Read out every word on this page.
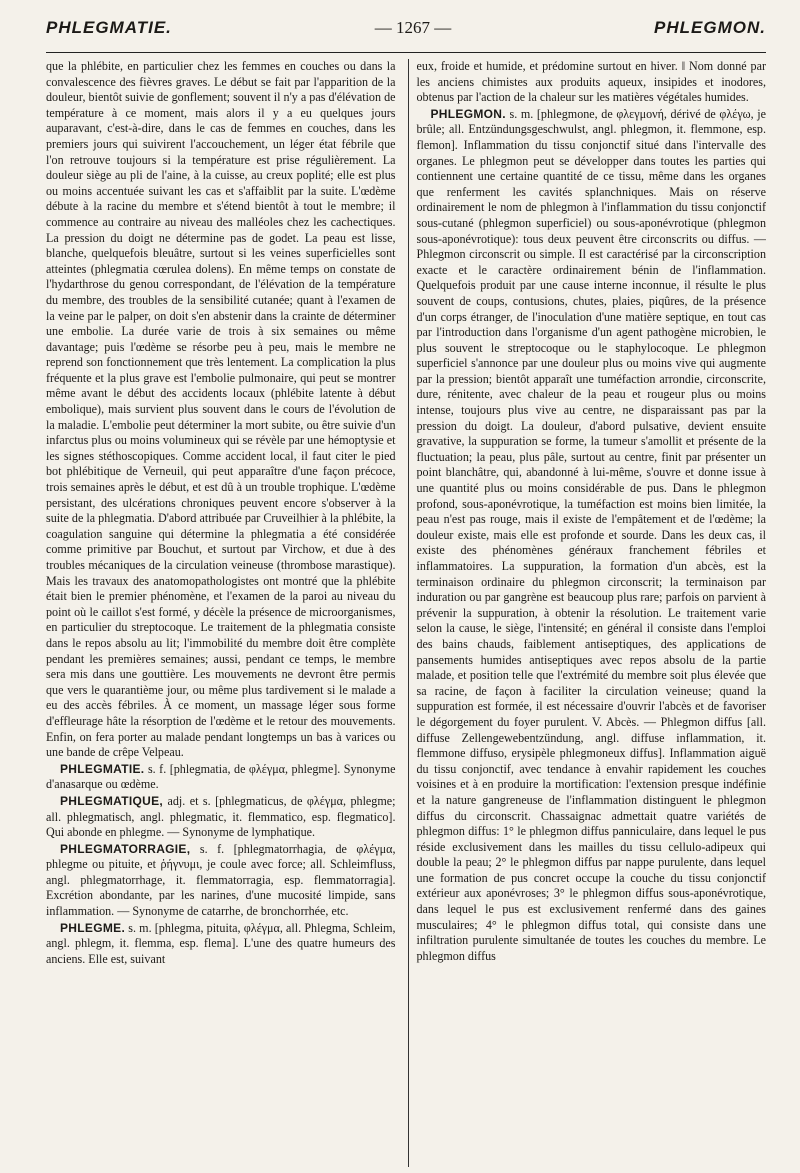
PHLEGMATIE.	— 1267 —	PHLEGMON.

que la phlébite, en particulier chez les femmes en couches ou dans la convalescence des fièvres graves. Le début se fait par l'apparition de la douleur, bientôt suivie de gonflement; souvent il n'y a pas d'élévation de température à ce moment, mais alors il y a eu quelques jours auparavant, c'est-à-dire, dans le cas de femmes en couches, dans les premiers jours qui suivirent l'accouchement, un léger état fébrile que l'on retrouve toujours si la température est prise régulièrement. La douleur siège au pli de l'aine, à la cuisse, au creux poplité; elle est plus ou moins accentuée suivant les cas et s'affaiblit par la suite. L'œdème débute à la racine du membre et s'étend bientôt à tout le membre; il commence au contraire au niveau des malléoles chez les cachectiques. La pression du doigt ne détermine pas de godet. La peau est lisse, blanche, quelquefois bleuâtre, surtout si les veines superficielles sont atteintes (phlegmatia cœrulea dolens). En même temps on constate de l'hydarthrose du genou correspondant, de l'élévation de la température du membre, des troubles de la sensibilité cutanée; quant à l'examen de la veine par le palper, on doit s'en abstenir dans la crainte de déterminer une embolie. La durée varie de trois à six semaines ou même davantage; puis l'œdème se résorbe peu à peu, mais le membre ne reprend son fonctionnement que très lentement. La complication la plus fréquente et la plus grave est l'embolie pulmonaire, qui peut se montrer même avant le début des accidents locaux (phlébite latente à début embolique), mais survient plus souvent dans le cours de l'évolution de la maladie. L'embolie peut déterminer la mort subite, ou être suivie d'un infarctus plus ou moins volumineux qui se révèle par une hémoptysie et les signes stéthoscopiques. Comme accident local, il faut citer le pied bot phlébitique de Verneuil, qui peut apparaître d'une façon précoce, trois semaines après le début, et est dû à un trouble trophique. L'œdème persistant, des ulcérations chroniques peuvent encore s'observer à la suite de la phlegmatia. D'abord attribuée par Cruveilhier à la phlébite, la coagulation sanguine qui détermine la phlegmatia a été considérée comme primitive par Bouchut, et surtout par Virchow, et due à des troubles mécaniques de la circulation veineuse (thrombose marastique). Mais les travaux des anatomopathologistes ont montré que la phlébite était bien le premier phénomène, et l'examen de la paroi au niveau du point où le caillot s'est formé, y décèle la présence de microorganismes, en particulier du streptocoque. Le traitement de la phlegmatia consiste dans le repos absolu au lit; l'immobilité du membre doit être complète pendant les premières semaines; aussi, pendant ce temps, le membre sera mis dans une gouttière. Les mouvements ne devront être permis que vers le quarantième jour, ou même plus tardivement si le malade a eu des accès fébriles. À ce moment, un massage léger sous forme d'effleurage hâte la résorption de l'œdème et le retour des mouvements. Enfin, on fera porter au malade pendant longtemps un bas à varices ou une bande de crêpe Velpeau.

PHLEGMATIE. s. f. [phlegmatia, de φλέγμα, phlegme]. Synonyme d'anasarque ou œdème.

PHLEGMATIQUE, adj. et s. [phlegmaticus, de φλέγμα, phlegme; all. phlegmatisch, angl. phlegmatic, it. flemmatico, esp. flegmatico]. Qui abonde en phlegme. — Synonyme de lymphatique.

PHLEGMATORRAGIE, s. f. [phlegmatorrhagia, de φλέγμα, phlegme ou pituite, et ῥήγνυμι, je coule avec force; all. Schleimfluss, angl. phlegmatorrhage, it. flemmatorragia, esp. flemmatorragia]. Excrétion abondante, par les narines, d'une mucosité limpide, sans inflammation. — Synonyme de catarrhe, de bronchorrhée, etc.

PHLEGME. s. m. [phlegma, pituita, φλέγμα, all. Phlegma, Schleim, angl. phlegm, it. flemma, esp. flema]. L'une des quatre humeurs des anciens. Elle est, suivant

eux, froide et humide, et prédomine surtout en hiver. ‖ Nom donné par les anciens chimistes aux produits aqueux, insipides et inodores, obtenus par l'action de la chaleur sur les matières végétales humides.

PHLEGMON. s. m. [phlegmone, de φλεγμονή, dérivé de φλέγω, je brûle; all. Entzündungsgeschwulst, angl. phlegmon, it. flemmone, esp. flemon]. Inflammation du tissu conjonctif situé dans l'intervalle des organes. Le phlegmon peut se développer dans toutes les parties qui contiennent une certaine quantité de ce tissu, même dans les organes que renferment les cavités splanchniques. Mais on réserve ordinairement le nom de phlegmon à l'inflammation du tissu conjonctif sous-cutané (phlegmon superficiel) ou sous-aponévrotique (phlegmon sous-aponévrotique): tous deux peuvent être circonscrits ou diffus. — Phlegmon circonscrit ou simple. Il est caractérisé par la circonscription exacte et le caractère ordinairement bénin de l'inflammation. Quelquefois produit par une cause interne inconnue, il résulte le plus souvent de coups, contusions, chutes, plaies, piqûres, de la présence d'un corps étranger, de l'inoculation d'une matière septique, en tout cas par l'introduction dans l'organisme d'un agent pathogène microbien, le plus souvent le streptocoque ou le staphylocoque. Le phlegmon superficiel s'annonce par une douleur plus ou moins vive qui augmente par la pression; bientôt apparaît une tuméfaction arrondie, circonscrite, dure, rénitente, avec chaleur de la peau et rougeur plus ou moins intense, toujours plus vive au centre, ne disparaissant pas par la pression du doigt. La douleur, d'abord pulsative, devient ensuite gravative, la suppuration se forme, la tumeur s'amollit et présente de la fluctuation; la peau, plus pâle, surtout au centre, finit par présenter un point blanchâtre, qui, abandonné à lui-même, s'ouvre et donne issue à une quantité plus ou moins considérable de pus. Dans le phlegmon profond, sous-aponévrotique, la tuméfaction est moins bien limitée, la peau n'est pas rouge, mais il existe de l'empâtement et de l'œdème; la douleur existe, mais elle est profonde et sourde. Dans les deux cas, il existe des phénomènes généraux franchement fébriles et inflammatoires. La suppuration, la formation d'un abcès, est la terminaison ordinaire du phlegmon circonscrit; la terminaison par induration ou par gangrène est beaucoup plus rare; parfois on parvient à prévenir la suppuration, à obtenir la résolution. Le traitement varie selon la cause, le siège, l'intensité; en général il consiste dans l'emploi des bains chauds, faiblement antiseptiques, des applications de pansements humides antiseptiques avec repos absolu de la partie malade, et position telle que l'extrémité du membre soit plus élevée que sa racine, de façon à faciliter la circulation veineuse; quand la suppuration est formée, il est nécessaire d'ouvrir l'abcès et de favoriser le dégorgement du foyer purulent. V. Abcès. — Phlegmon diffus [all. diffuse Zellengewebentzündung, angl. diffuse inflammation, it. flemmone diffuso, erysipèle phlegmoneux diffus]. Inflammation aiguë du tissu conjonctif, avec tendance à envahir rapidement les couches voisines et à en produire la mortification: l'extension presque indéfinie et la nature gangreneuse de l'inflammation distinguent le phlegmon diffus du circonscrit. Chassaignac admettait quatre variétés de phlegmon diffus: 1° le phlegmon diffus panniculaire, dans lequel le pus réside exclusivement dans les mailles du tissu cellulo-adipeux qui double la peau; 2° le phlegmon diffus par nappe purulente, dans lequel une formation de pus concret occupe la couche du tissu conjonctif extérieur aux aponévroses; 3° le phlegmon diffus sous-aponévrotique, dans lequel le pus est exclusivement renfermé dans des gaines musculaires; 4° le phlegmon diffus total, qui consiste dans une infiltration purulente simultanée de toutes les couches du membre. Le phlegmon diffus
